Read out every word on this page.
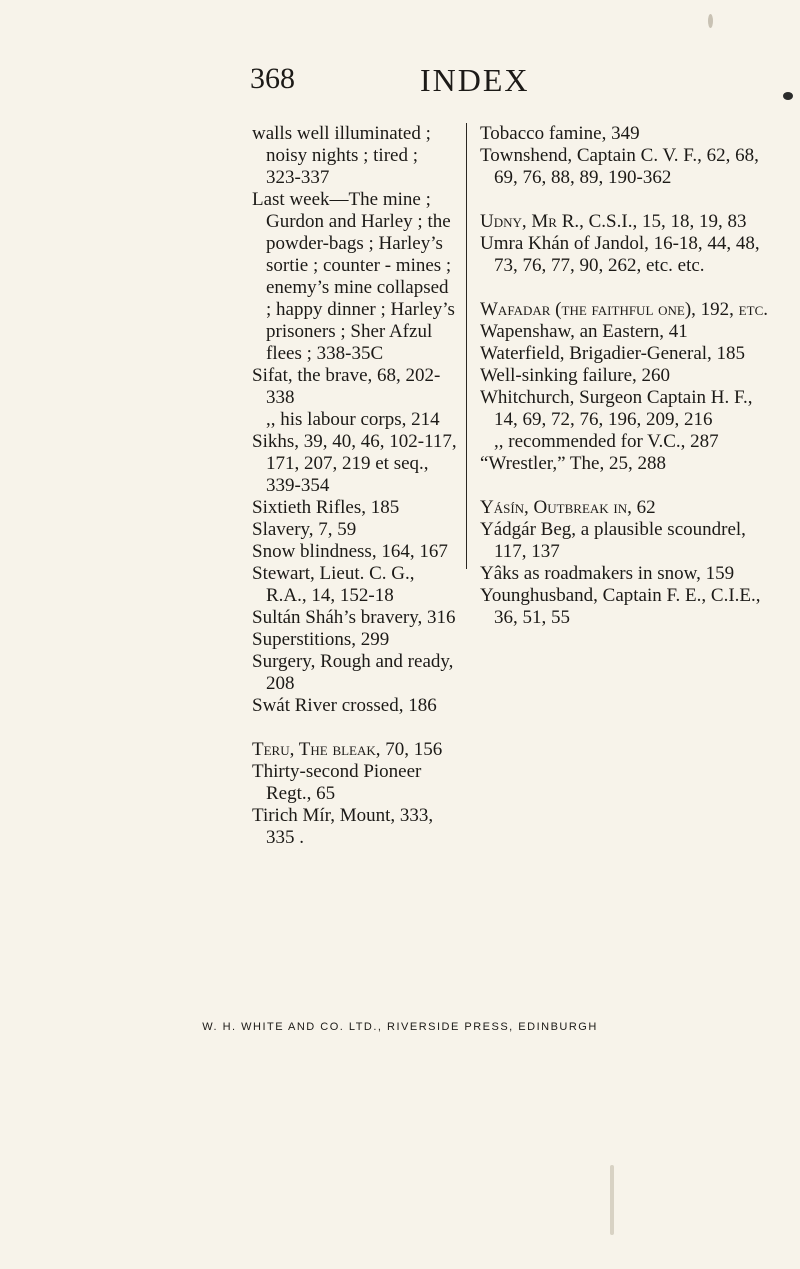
368	INDEX

walls well illuminated ; noisy nights ; tired ; 323-337

Last week—The mine ; Gurdon and Harley ; the powder-bags ; Harley’s sortie ; counter - mines ; enemy’s mine collapsed ; happy dinner ; Harley’s prisoners ; Sher Afzul flees ; 338-35C

Sifat, the brave, 68, 202-338

,, his labour corps, 214

Sikhs, 39, 40, 46, 102-117, 171, 207, 219 et seq., 339-354

Sixtieth Rifles, 185

Slavery, 7, 59

Snow blindness, 164, 167

Stewart, Lieut. C. G., R.A., 14, 152-18

Sultán Sháh’s bravery, 316

Superstitions, 299

Surgery, Rough and ready, 208

Swát River crossed, 186

Teru, The bleak, 70, 156

Thirty-second Pioneer Regt., 65

Tirich Mír, Mount, 333, 335 .

Tobacco famine, 349

Townshend, Captain C. V. F., 62, 68, 69, 76, 88, 89, 190-362

Udny, Mr R., C.S.I., 15, 18, 19, 83

Umra Khán of Jandol, 16-18, 44, 48, 73, 76, 77, 90, 262, etc. etc.

Wafadar (the faithful one), 192, etc.

Wapenshaw, an Eastern, 41

Waterfield, Brigadier-General, 185

Well-sinking failure, 260

Whitchurch, Surgeon Captain H. F., 14, 69, 72, 76, 196, 209, 216

,, recommended for V.C., 287

“Wrestler,” The, 25, 288

Yásín, Outbreak in, 62

Yádgár Beg, a plausible scoundrel, 117, 137

Yâks as roadmakers in snow, 159

Younghusband, Captain F. E., C.I.E., 36, 51, 55

W. H. WHITE AND CO. LTD., RIVERSIDE PRESS, EDINBURGH
